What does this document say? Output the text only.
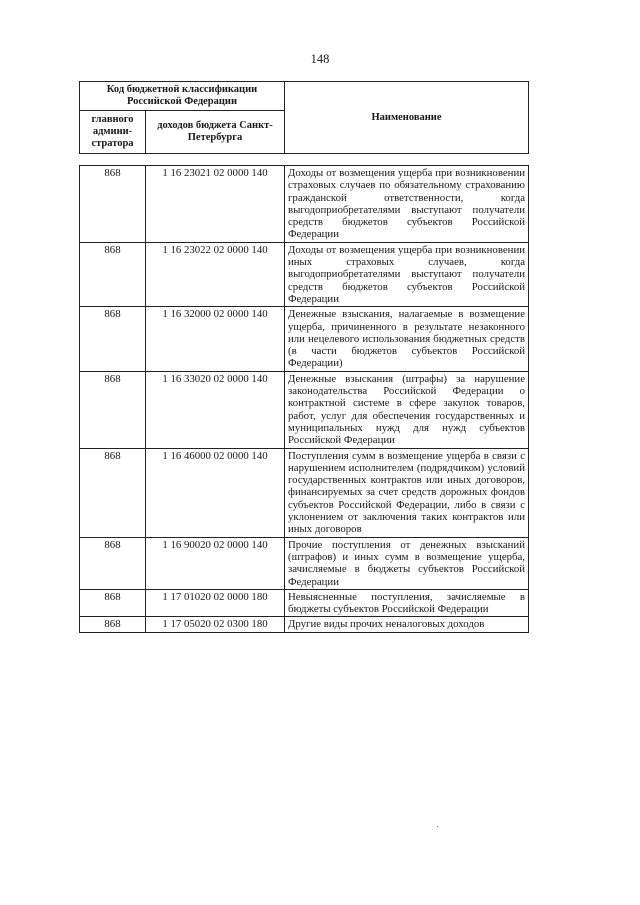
148
Код бюджетной классификации Российской Федерации		Наименование
главного админи-стратора	доходов бюджета Санкт-Петербурга	
868	1 16 23021 02 0000 140	Доходы от возмещения ущерба при возникновении страховых случаев по обязательному страхованию гражданской ответственности, когда выгодоприобретателями выступают получатели средств бюджетов субъектов Российской Федерации
868	1 16 23022 02 0000 140	Доходы от возмещения ущерба при возникновении иных страховых случаев, когда выгодоприобретателями выступают получатели средств бюджетов субъектов Российской Федерации
868	1 16 32000 02 0000 140	Денежные взыскания, налагаемые в возмещение ущерба, причиненного в результате незаконного или нецелевого использования бюджетных средств (в части бюджетов субъектов Российской Федерации)
868	1 16 33020 02 0000 140	Денежные взыскания (штрафы) за нарушение законодательства Российской Федерации о контрактной системе в сфере закупок товаров, работ, услуг для обеспечения государственных и муниципальных нужд для нужд субъектов Российской Федерации
868	1 16 46000 02 0000 140	Поступления сумм в возмещение ущерба в связи с нарушением исполнителем (подрядчиком) условий государственных контрактов или иных договоров, финансируемых за счет средств дорожных фондов субъектов Российской Федерации, либо в связи с уклонением от заключения таких контрактов или иных договоров
868	1 16 90020 02 0000 140	Прочие поступления от денежных взысканий (штрафов) и иных сумм в возмещение ущерба, зачисляемые в бюджеты субъектов Российской Федерации
868	1 17 01020 02 0000 180	Невыясненные поступления, зачисляемые в бюджеты субъектов Российской Федерации
868	1 17 05020 02 0300 180	Другие виды прочих неналоговых доходов
